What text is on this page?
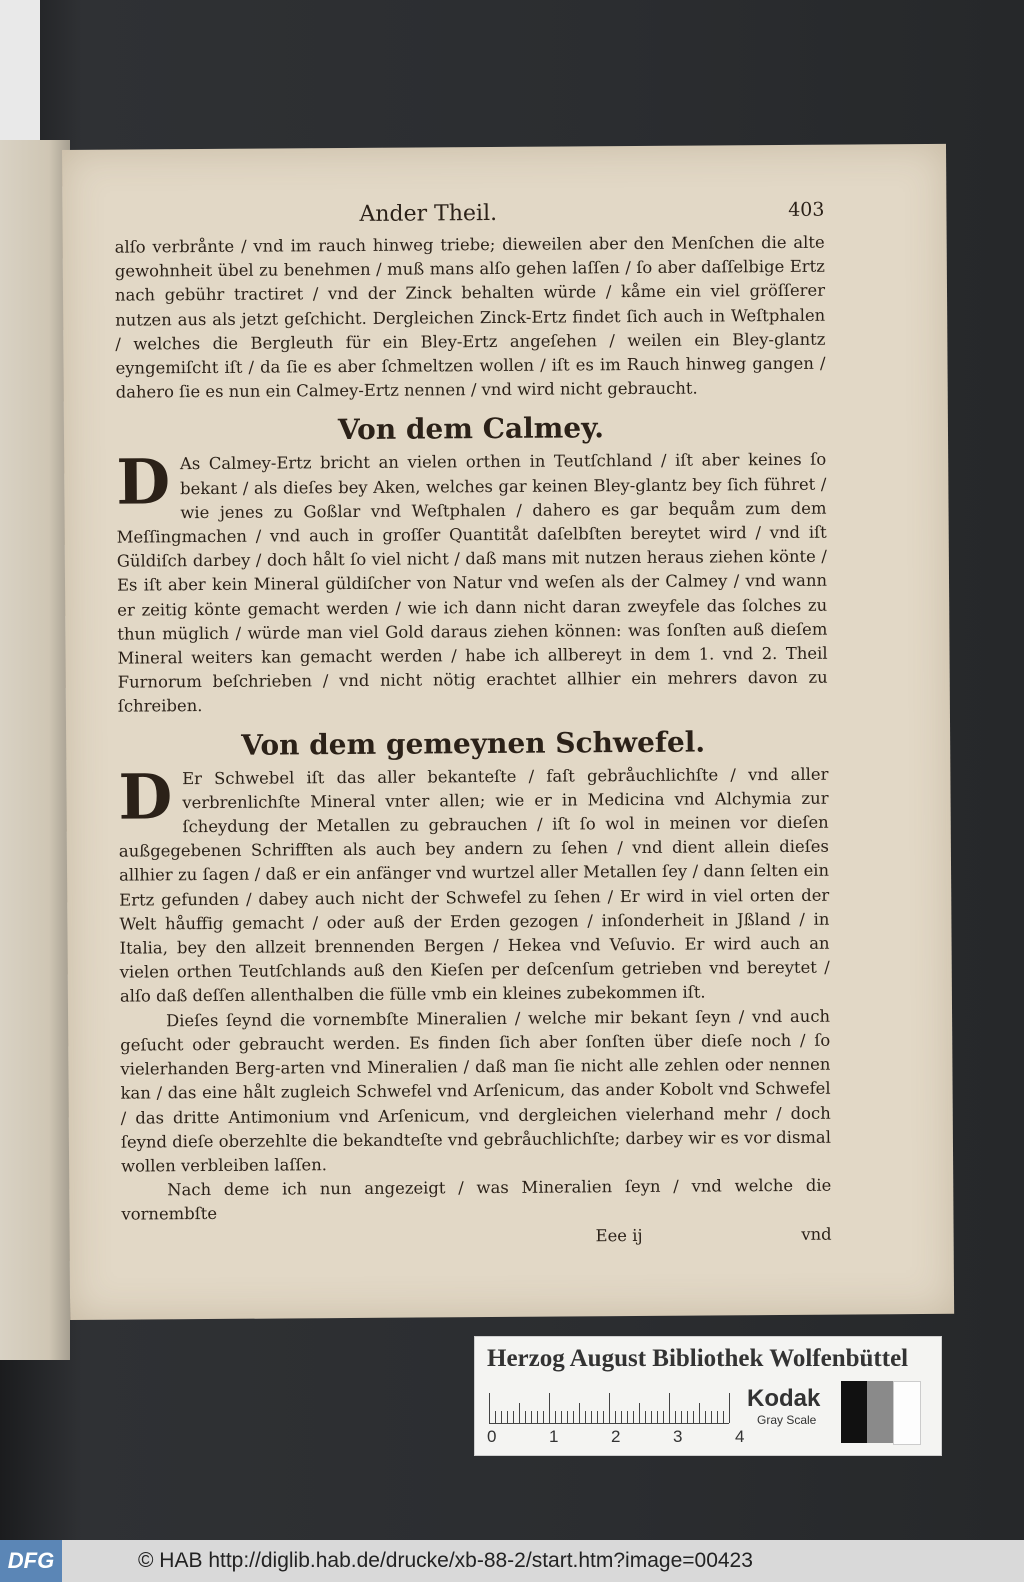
Ander Theil.	403

alſo verbrånte / vnd im rauch hinweg triebe; dieweilen aber den Menſchen die alte gewohnheit übel zu benehmen / muß mans alſo gehen laſſen / ſo aber daſſelbige Ertz nach gebühr tractiret / vnd der Zinck behalten würde / kåme ein viel gröſſerer nutzen aus als jetzt geſchicht. Dergleichen Zinck-Ertz findet ſich auch in Weſtphalen / welches die Bergleuth für ein Bley-Ertz angeſehen / weilen ein Bley-glantz eyngemiſcht iſt / da ſie es aber ſchmeltzen wollen / iſt es im Rauch hinweg gangen / dahero ſie es nun ein Calmey-Ertz nennen / vnd wird nicht gebraucht.

Von dem Calmey.

D As Calmey-Ertz bricht an vielen orthen in Teutſchland / iſt aber keines ſo bekant / als dieſes bey Aken, welches gar keinen Bley-glantz bey ſich führet / wie jenes zu Goßlar vnd Weſtphalen / dahero es gar bequåm zum dem Meſſingmachen / vnd auch in groſſer Quantitåt daſelbſten bereytet wird / vnd iſt Güldiſch darbey / doch hålt ſo viel nicht / daß mans mit nutzen heraus ziehen könte / Es iſt aber kein Mineral güldiſcher von Natur vnd weſen als der Calmey / vnd wann er zeitig könte gemacht werden / wie ich dann nicht daran zweyfele das ſolches zu thun müglich / würde man viel Gold daraus ziehen können: was ſonſten auß dieſem Mineral weiters kan gemacht werden / habe ich allbereyt in dem 1. vnd 2. Theil Furnorum beſchrieben / vnd nicht nötig erachtet allhier ein mehrers davon zu ſchreiben.

Von dem gemeynen Schwefel.

D Er Schwebel iſt das aller bekanteſte / faſt gebråuchlichſte / vnd aller verbrenlichſte Mineral vnter allen; wie er in Medicina vnd Alchymia zur ſcheydung der Metallen zu gebrauchen / iſt ſo wol in meinen vor dieſen außgegebenen Schrifften als auch bey andern zu ſehen / vnd dient allein dieſes allhier zu ſagen / daß er ein anfänger vnd wurtzel aller Metallen ſey / dann ſelten ein Ertz gefunden / dabey auch nicht der Schwefel zu ſehen / Er wird in viel orten der Welt håuffig gemacht / oder auß der Erden gezogen / inſonderheit in Jßland / in Italia, bey den allzeit brennenden Bergen / Hekea vnd Veſuvio. Er wird auch an vielen orthen Teutſchlands auß den Kieſen per deſcenſum getrieben vnd bereytet / alſo daß deſſen allenthalben die fülle vmb ein kleines zubekommen iſt.

Dieſes ſeynd die vornembſte Mineralien / welche mir bekant ſeyn / vnd auch geſucht oder gebraucht werden. Es finden ſich aber ſonſten über dieſe noch / ſo vielerhanden Berg-arten vnd Mineralien / daß man ſie nicht alle zehlen oder nennen kan / das eine hålt zugleich Schwefel vnd Arſenicum, das ander Kobolt vnd Schwefel / das dritte Antimonium vnd Arſenicum, vnd dergleichen vielerhand mehr / doch ſeynd dieſe oberzehlte die bekandteſte vnd gebråuchlichſte; darbey wir es vor dismal wollen verbleiben laſſen.

Nach deme ich nun angezeigt / was Mineralien ſeyn / vnd welche die vornembſte

Eee ij	vnd
Herzog August Bibliothek Wolfenbüttel
0	1	2	3	4
Kodak
Gray Scale
DFG	© HAB http://diglib.hab.de/drucke/xb-88-2/start.htm?image=00423
